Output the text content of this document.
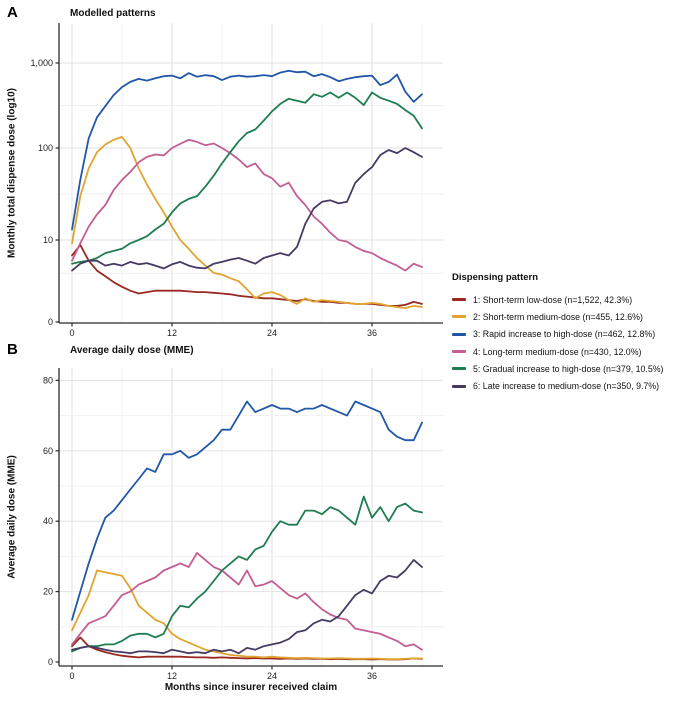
0	12	24	36
0
10
100
1,000
0	12	24	36
0
20
40
60
80
A	Modelled patterns
Monthly total dispense dose (log10)
B	Average daily dose (MME)
Average daily dose (MME)
Months since insurer received claim
Dispensing pattern
1: Short-term low-dose (n=1,522, 42.3%)
2: Short-term medium-dose (n=455, 12.6%)
3: Rapid increase to high-dose (n=462, 12.8%)
4: Long-term medium-dose (n=430, 12.0%)
5: Gradual increase to high-dose (n=379, 10.5%)
6: Late increase to medium-dose (n=350, 9.7%)
